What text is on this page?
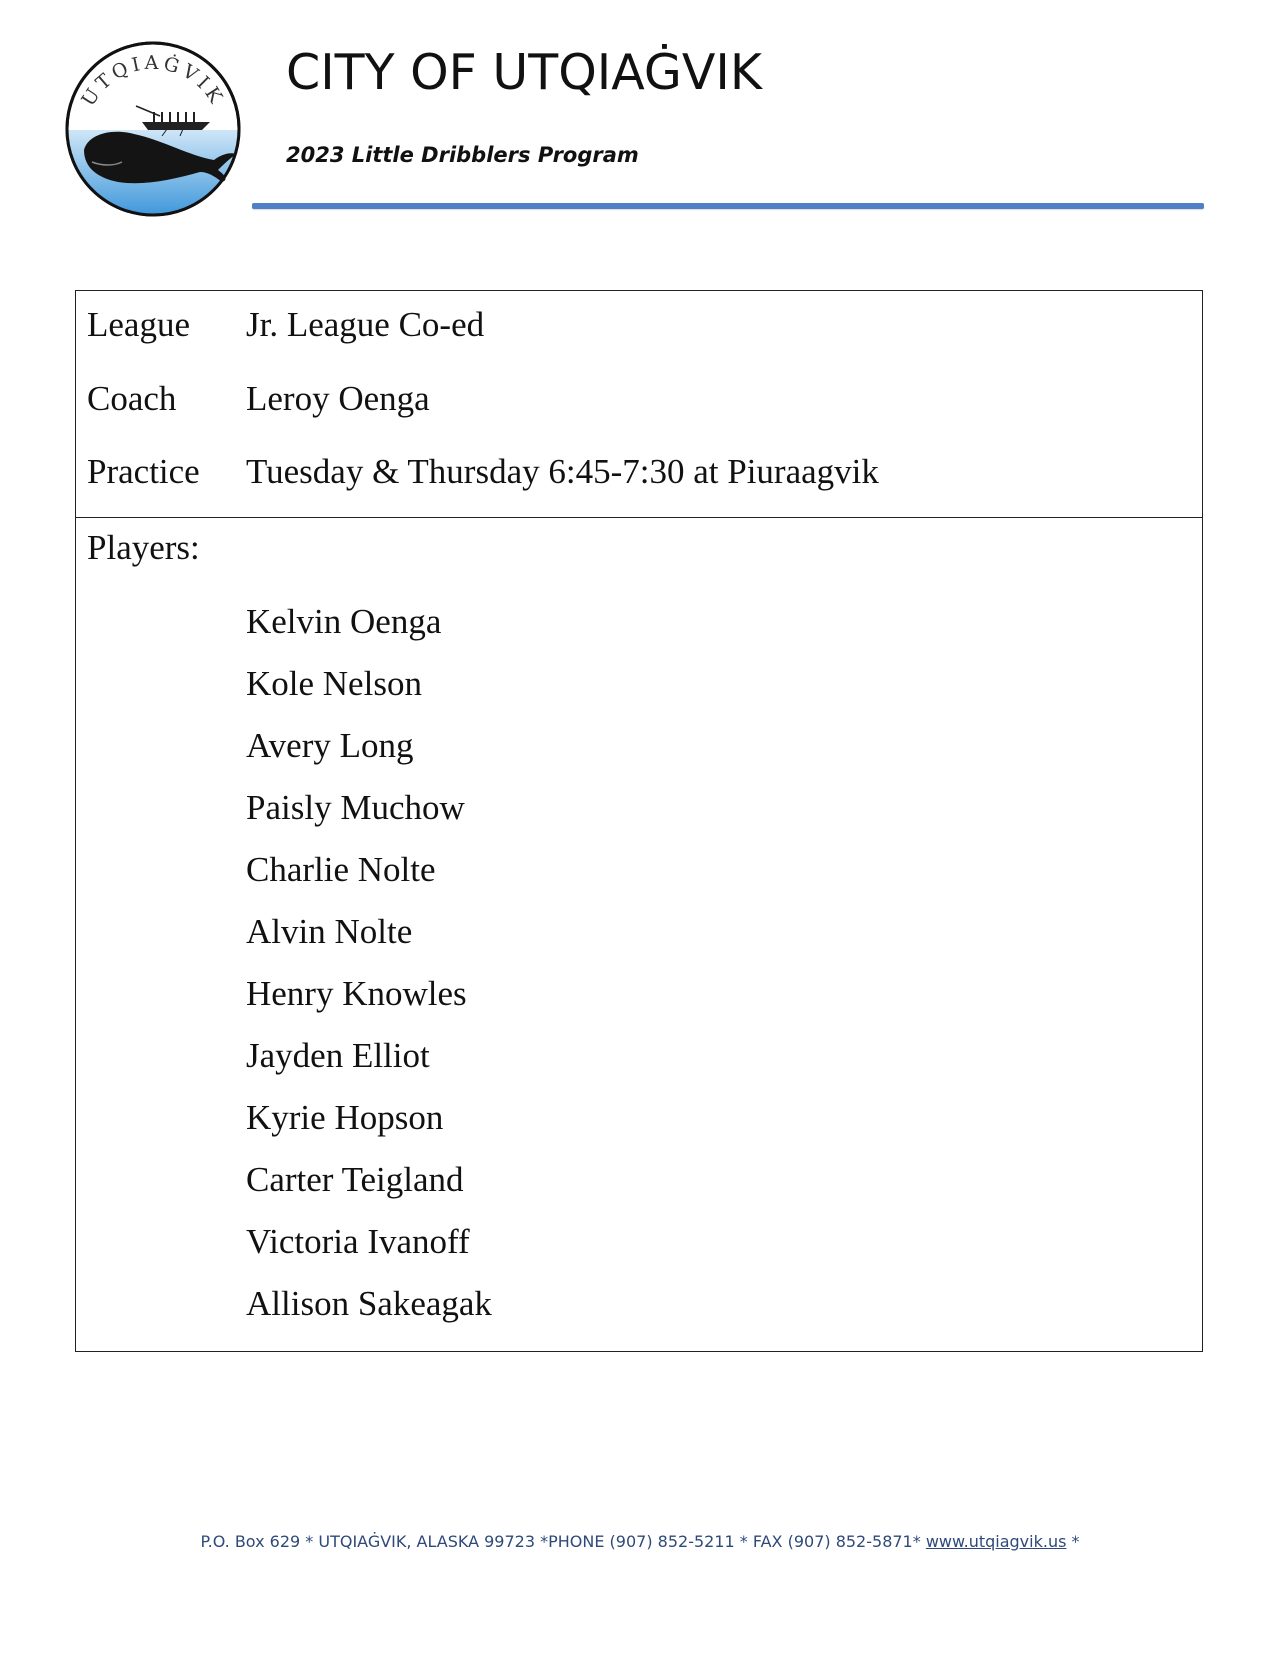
UTQIAĠVIK CITY OF UTQIAĠVIK
2023 Little Dribblers Program
League Jr. League Co-ed
Coach Leroy Oenga
Practice Tuesday & Thursday 6:45-7:30 at Piuraagvik
Players:
Kelvin Oenga
Kole Nelson
Avery Long
Paisly Muchow
Charlie Nolte
Alvin Nolte
Henry Knowles
Jayden Elliot
Kyrie Hopson
Carter Teigland
Victoria Ivanoff
Allison Sakeagak
P.O. Box 629 * UTQIAĠVIK, ALASKA 99723 *PHONE (907) 852-5211 * FAX (907) 852-5871* www.utqiagvik.us *
